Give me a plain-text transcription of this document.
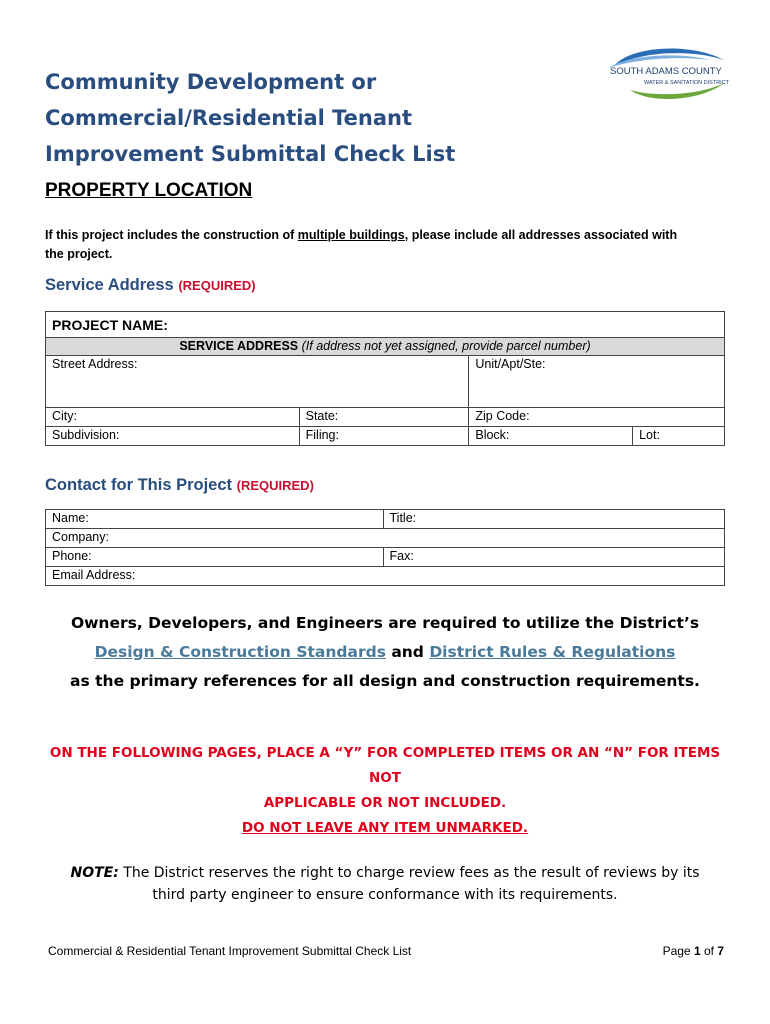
Community Development or
Commercial/Residential Tenant
Improvement Submittal Check List
SOUTH ADAMS COUNTY
WATER & SANITATION DISTRICT
PROPERTY LOCATION
If this project includes the construction of multiple buildings, please include all addresses associated with the project.
Service Address (REQUIRED)
PROJECT NAME:			
SERVICE ADDRESS (If address not yet assigned, provide parcel number)			
Street Address:		Unit/Apt/Ste:	
City:	State:	Zip Code:	
Subdivision:	Filing:	Block:	Lot:
Contact for This Project (REQUIRED)
Name:	Title:
Company:	
Phone:	Fax:
Email Address:	
Owners, Developers, and Engineers are required to utilize the District’s
Design & Construction Standards and District Rules & Regulations
as the primary references for all design and construction requirements.
ON THE FOLLOWING PAGES, PLACE A “Y” FOR COMPLETED ITEMS OR AN “N” FOR ITEMS NOT
APPLICABLE OR NOT INCLUDED.
DO NOT LEAVE ANY ITEM UNMARKED.
NOTE: The District reserves the right to charge review fees as the result of reviews by its third party engineer to ensure conformance with its requirements.
Commercial & Residential Tenant Improvement Submittal Check List	Page 1 of 7
